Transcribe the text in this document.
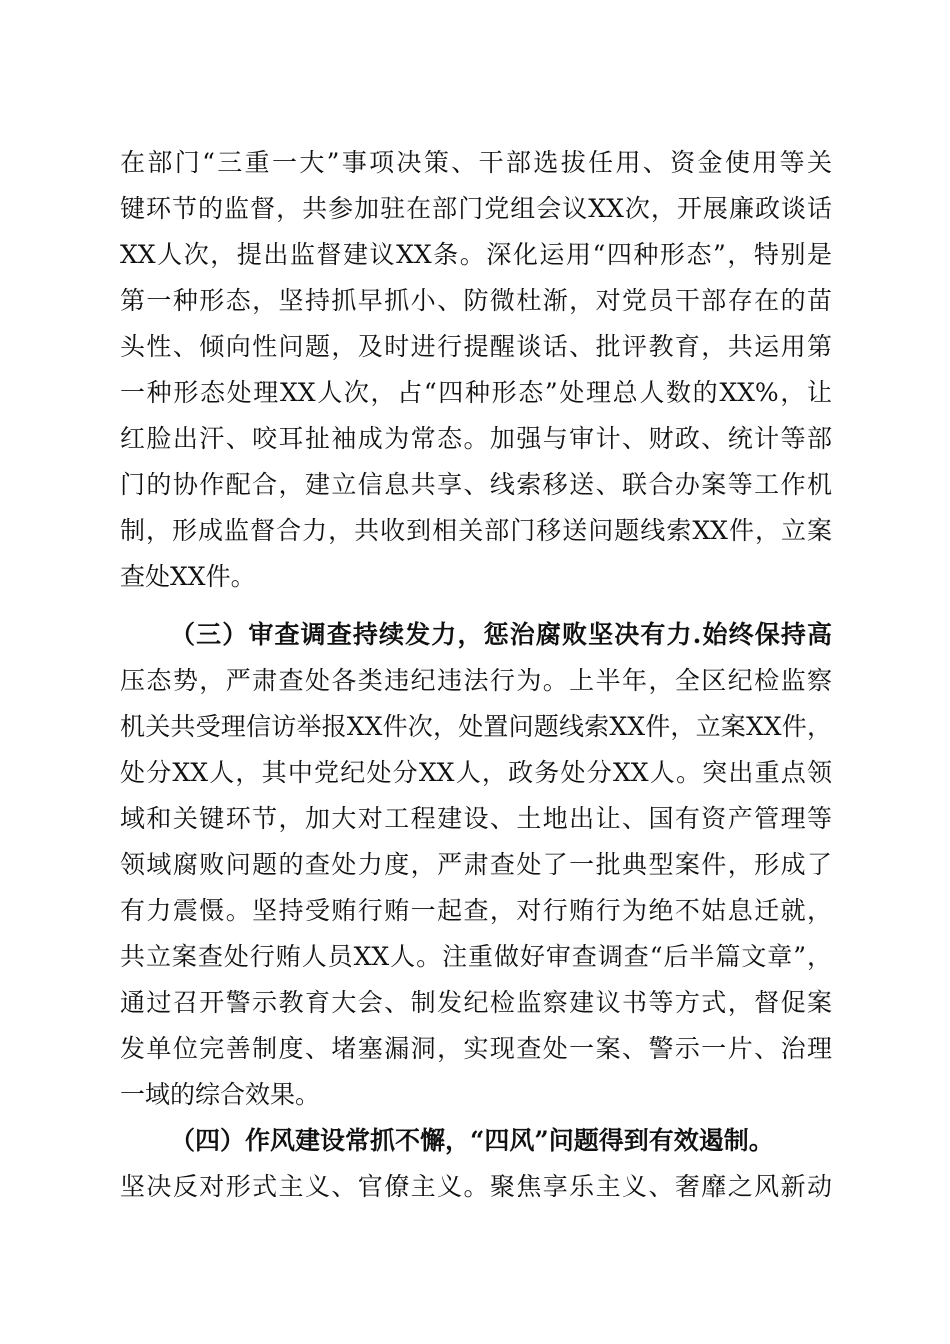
在部门“三重一大”事项决策、干部选拔任用、资金使用等关
键环节的监督，共参加驻在部门党组会议XX次，开展廉政谈话
XX人次，提出监督建议XX条。深化运用“四种形态”，特别是
第一种形态，坚持抓早抓小、防微杜渐，对党员干部存在的苗
头性、倾向性问题，及时进行提醒谈话、批评教育，共运用第
一种形态处理XX人次，占“四种形态”处理总人数的XX%，让
红脸出汗、咬耳扯袖成为常态。加强与审计、财政、统计等部
门的协作配合，建立信息共享、线索移送、联合办案等工作机
制，形成监督合力，共收到相关部门移送问题线索XX件，立案
查处XX件。
（三）审查调查持续发力，惩治腐败坚决有力.始终保持高
压态势，严肃查处各类违纪违法行为。上半年，全区纪检监察
机关共受理信访举报XX件次，处置问题线索XX件，立案XX件，
处分XX人，其中党纪处分XX人，政务处分XX人。突出重点领
域和关键环节，加大对工程建设、土地出让、国有资产管理等
领域腐败问题的查处力度，严肃查处了一批典型案件，形成了
有力震慑。坚持受贿行贿一起查，对行贿行为绝不姑息迁就，
共立案查处行贿人员XX人。注重做好审查调查“后半篇文章”，
通过召开警示教育大会、制发纪检监察建议书等方式，督促案
发单位完善制度、堵塞漏洞，实现查处一案、警示一片、治理
一域的综合效果。
（四）作风建设常抓不懈，“四风”问题得到有效遏制。
坚决反对形式主义、官僚主义。聚焦享乐主义、奢靡之风新动
